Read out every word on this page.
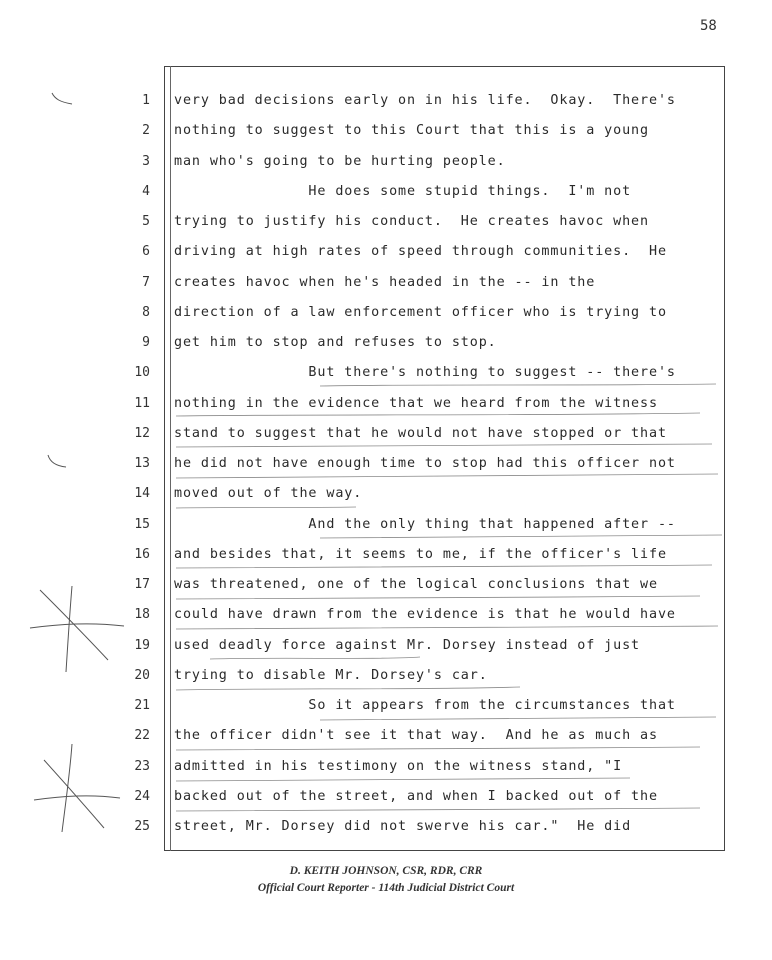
58
1 very bad decisions early on in his life.  Okay.  There's
2 nothing to suggest to this Court that this is a young
3 man who's going to be hurting people.
4 He does some stupid things.  I'm not
5 trying to justify his conduct.  He creates havoc when
6 driving at high rates of speed through communities.  He
7 creates havoc when he's headed in the -- in the
8 direction of a law enforcement officer who is trying to
9 get him to stop and refuses to stop.
10 But there's nothing to suggest -- there's
11 nothing in the evidence that we heard from the witness
12 stand to suggest that he would not have stopped or that
13 he did not have enough time to stop had this officer not
14 moved out of the way.
15 And the only thing that happened after --
16 and besides that, it seems to me, if the officer's life
17 was threatened, one of the logical conclusions that we
18 could have drawn from the evidence is that he would have
19 used deadly force against Mr. Dorsey instead of just
20 trying to disable Mr. Dorsey's car.
21 So it appears from the circumstances that
22 the officer didn't see it that way.  And he as much as
23 admitted in his testimony on the witness stand, "I
24 backed out of the street, and when I backed out of the
25 street, Mr. Dorsey did not swerve his car."  He did
D. KEITH JOHNSON, CSR, RDR, CRR
Official Court Reporter - 114th Judicial District Court
